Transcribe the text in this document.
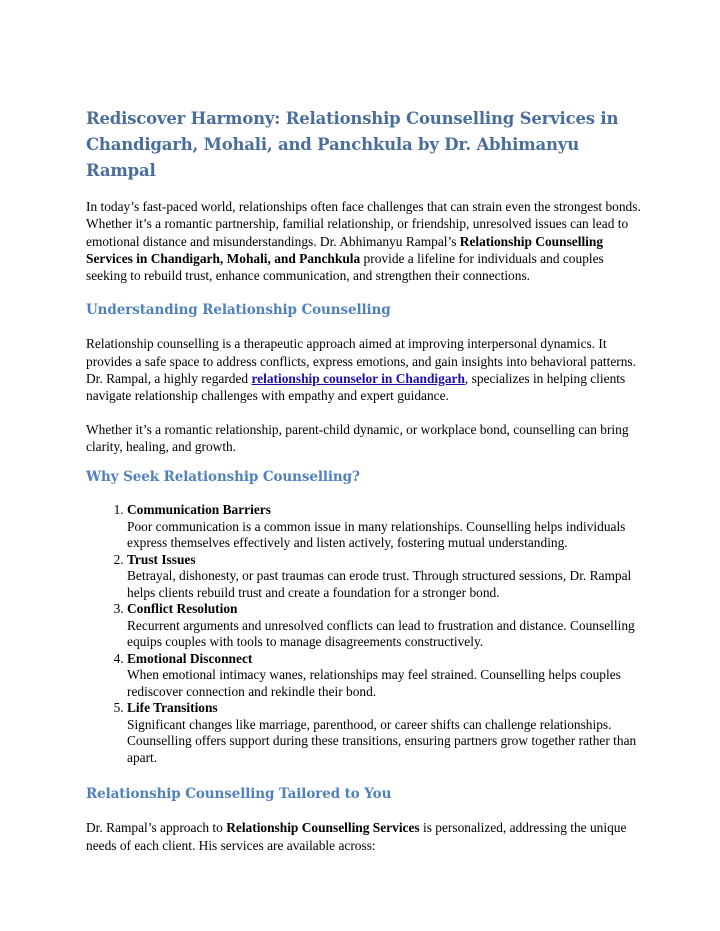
Rediscover Harmony: Relationship Counselling Services in Chandigarh, Mohali, and Panchkula by Dr. Abhimanyu Rampal

In today’s fast-paced world, relationships often face challenges that can strain even the strongest bonds. Whether it’s a romantic partnership, familial relationship, or friendship, unresolved issues can lead to emotional distance and misunderstandings. Dr. Abhimanyu Rampal’s Relationship Counselling Services in Chandigarh, Mohali, and Panchkula provide a lifeline for individuals and couples seeking to rebuild trust, enhance communication, and strengthen their connections.

Understanding Relationship Counselling

Relationship counselling is a therapeutic approach aimed at improving interpersonal dynamics. It provides a safe space to address conflicts, express emotions, and gain insights into behavioral patterns. Dr. Rampal, a highly regarded relationship counselor in Chandigarh, specializes in helping clients navigate relationship challenges with empathy and expert guidance.

Whether it’s a romantic relationship, parent-child dynamic, or workplace bond, counselling can bring clarity, healing, and growth.

Why Seek Relationship Counselling?
1. Communication Barriers
Poor communication is a common issue in many relationships. Counselling helps individuals express themselves effectively and listen actively, fostering mutual understanding.
2. Trust Issues
Betrayal, dishonesty, or past traumas can erode trust. Through structured sessions, Dr. Rampal helps clients rebuild trust and create a foundation for a stronger bond.
3. Conflict Resolution
Recurrent arguments and unresolved conflicts can lead to frustration and distance. Counselling equips couples with tools to manage disagreements constructively.
4. Emotional Disconnect
When emotional intimacy wanes, relationships may feel strained. Counselling helps couples rediscover connection and rekindle their bond.
5. Life Transitions
Significant changes like marriage, parenthood, or career shifts can challenge relationships. Counselling offers support during these transitions, ensuring partners grow together rather than apart.
Relationship Counselling Tailored to You

Dr. Rampal’s approach to Relationship Counselling Services is personalized, addressing the unique needs of each client. His services are available across:
